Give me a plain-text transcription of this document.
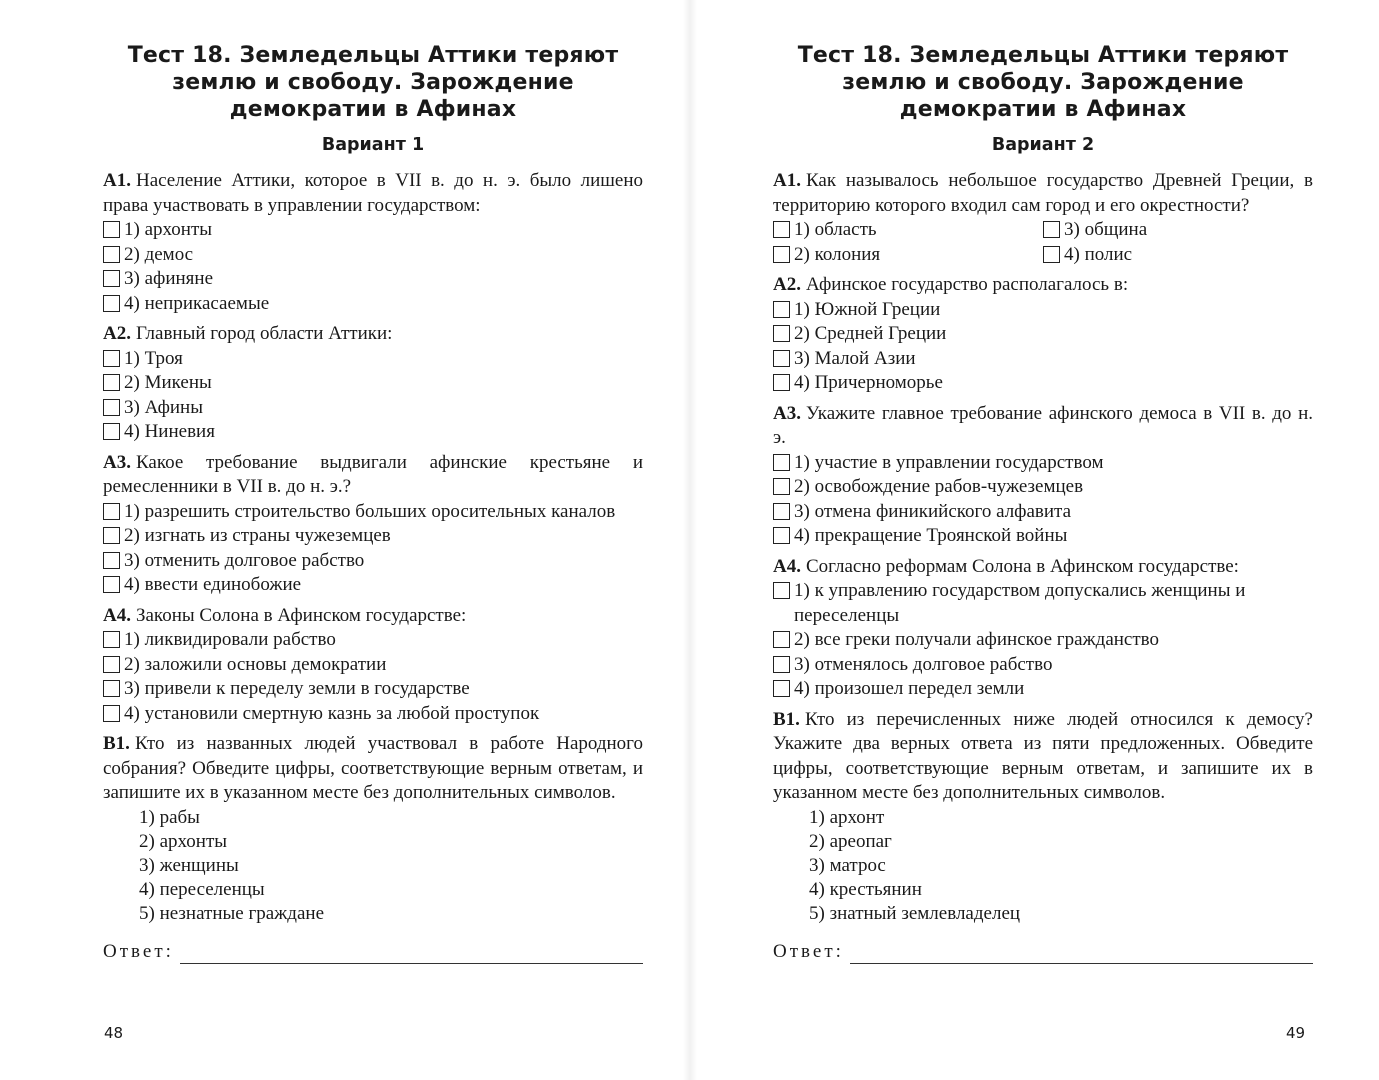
Тест 18. Земледельцы Аттики теряют
землю и свободу. Зарождение
демократии в Афинах
Вариант 1

А1. Население Аттики, которое в VII в. до н. э. было лишено права участвовать в управлении государством:

1) архонты
2) демос
3) афиняне
4) неприкасаемые

А2. Главный город области Аттики:

1) Троя
2) Микены
3) Афины
4) Ниневия

А3. Какое требование выдвигали афинские крестьяне и ремесленники в VII в. до н. э.?

1) разрешить строительство больших оросительных каналов
2) изгнать из страны чужеземцев
3) отменить долговое рабство
4) ввести единобожие

А4. Законы Солона в Афинском государстве:

1) ликвидировали рабство
2) заложили основы демократии
3) привели к переделу земли в государстве
4) установили смертную казнь за любой проступок

В1. Кто из названных людей участвовал в работе Народного собрания? Обведите цифры, соответствующие верным ответам, и запишите их в указанном месте без дополнительных символов.

1) рабы
2) архонты
3) женщины
4) переселенцы
5) незнатные граждане
Ответ:
48
Тест 18. Земледельцы Аттики теряют
землю и свободу. Зарождение
демократии в Афинах
Вариант 2

А1. Как называлось небольшое государство Древней Греции, в территорию которого входил сам город и его окрестности?

1) область	3) община
2) колония	4) полис

А2. Афинское государство располагалось в:

1) Южной Греции
2) Средней Греции
3) Малой Азии
4) Причерноморье

А3. Укажите главное требование афинского демоса в VII в. до н. э.

1) участие в управлении государством
2) освобождение рабов-чужеземцев
3) отмена финикийского алфавита
4) прекращение Троянской войны

А4. Согласно реформам Солона в Афинском государстве:

1) к управлению государством допускались женщины и переселенцы
2) все греки получали афинское гражданство
3) отменялось долговое рабство
4) произошел передел земли

В1. Кто из перечисленных ниже людей относился к демосу? Укажите два верных ответа из пяти предложенных. Обведите цифры, соответствующие верным ответам, и запишите их в указанном месте без дополнительных символов.

1) архонт
2) ареопаг
3) матрос
4) крестьянин
5) знатный землевладелец
Ответ:
49
